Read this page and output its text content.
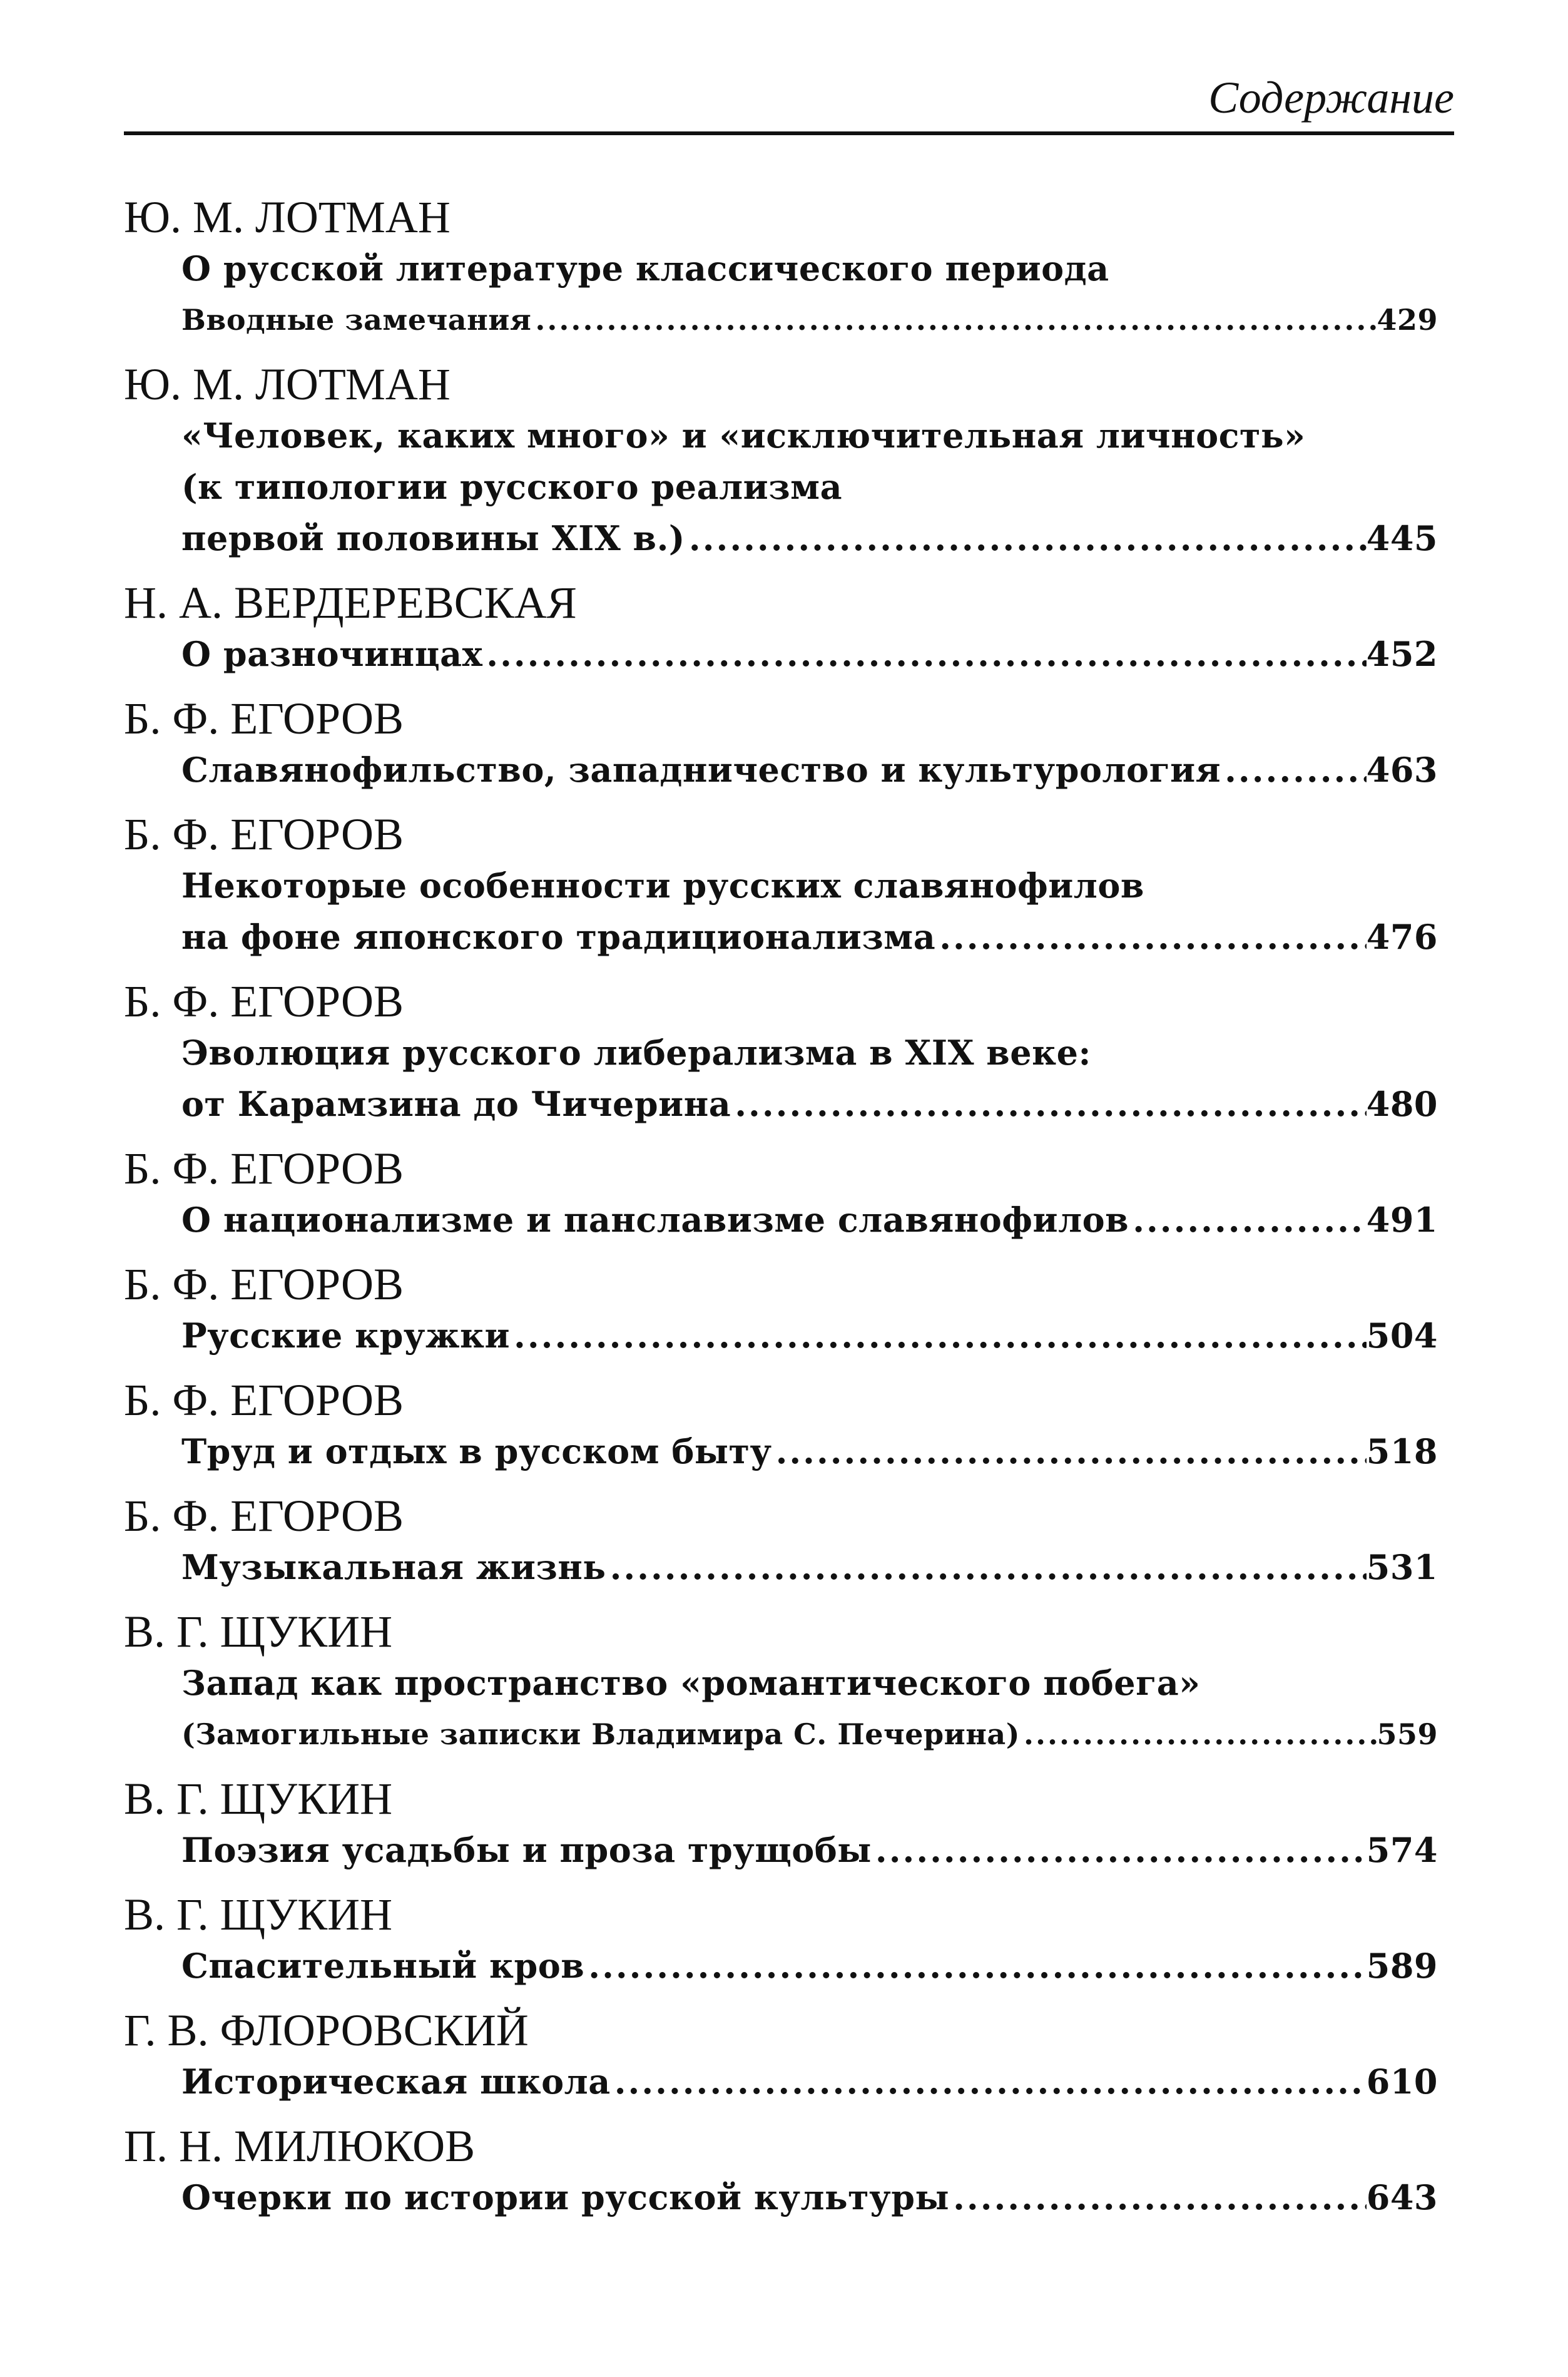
Содержание
Ю. М. ЛОТМАН
О русской литературе классического периода
Вводные замечания .....	429
Ю. М. ЛОТМАН
«Человек, каких много» и «исключительная личность»
(к типологии русского реализма
первой половины XIX в.) .....	445
Н. А. ВЕРДЕРЕВСКАЯ
О разночинцах .....	452
Б. Ф. ЕГОРОВ
Славянофильство, западничество и культурология .....	463
Б. Ф. ЕГОРОВ
Некоторые особенности русских славянофилов
на фоне японского традиционализма .....	476
Б. Ф. ЕГОРОВ
Эволюция русского либерализма в XIX веке:
от Карамзина до Чичерина .....	480
Б. Ф. ЕГОРОВ
О национализме и панславизме славянофилов .....	491
Б. Ф. ЕГОРОВ
Русские кружки .....	504
Б. Ф. ЕГОРОВ
Труд и отдых в русском быту .....	518
Б. Ф. ЕГОРОВ
Музыкальная жизнь .....	531
В. Г. ЩУКИН
Запад как пространство «романтического побега»
(Замогильные записки Владимира С. Печерина) .....	559
В. Г. ЩУКИН
Поэзия усадьбы и проза трущобы .....	574
В. Г. ЩУКИН
Спасительный кров .....	589
Г. В. ФЛОРОВСКИЙ
Историческая школа .....	610
П. Н. МИЛЮКОВ
Очерки по истории русской культуры .....	643
